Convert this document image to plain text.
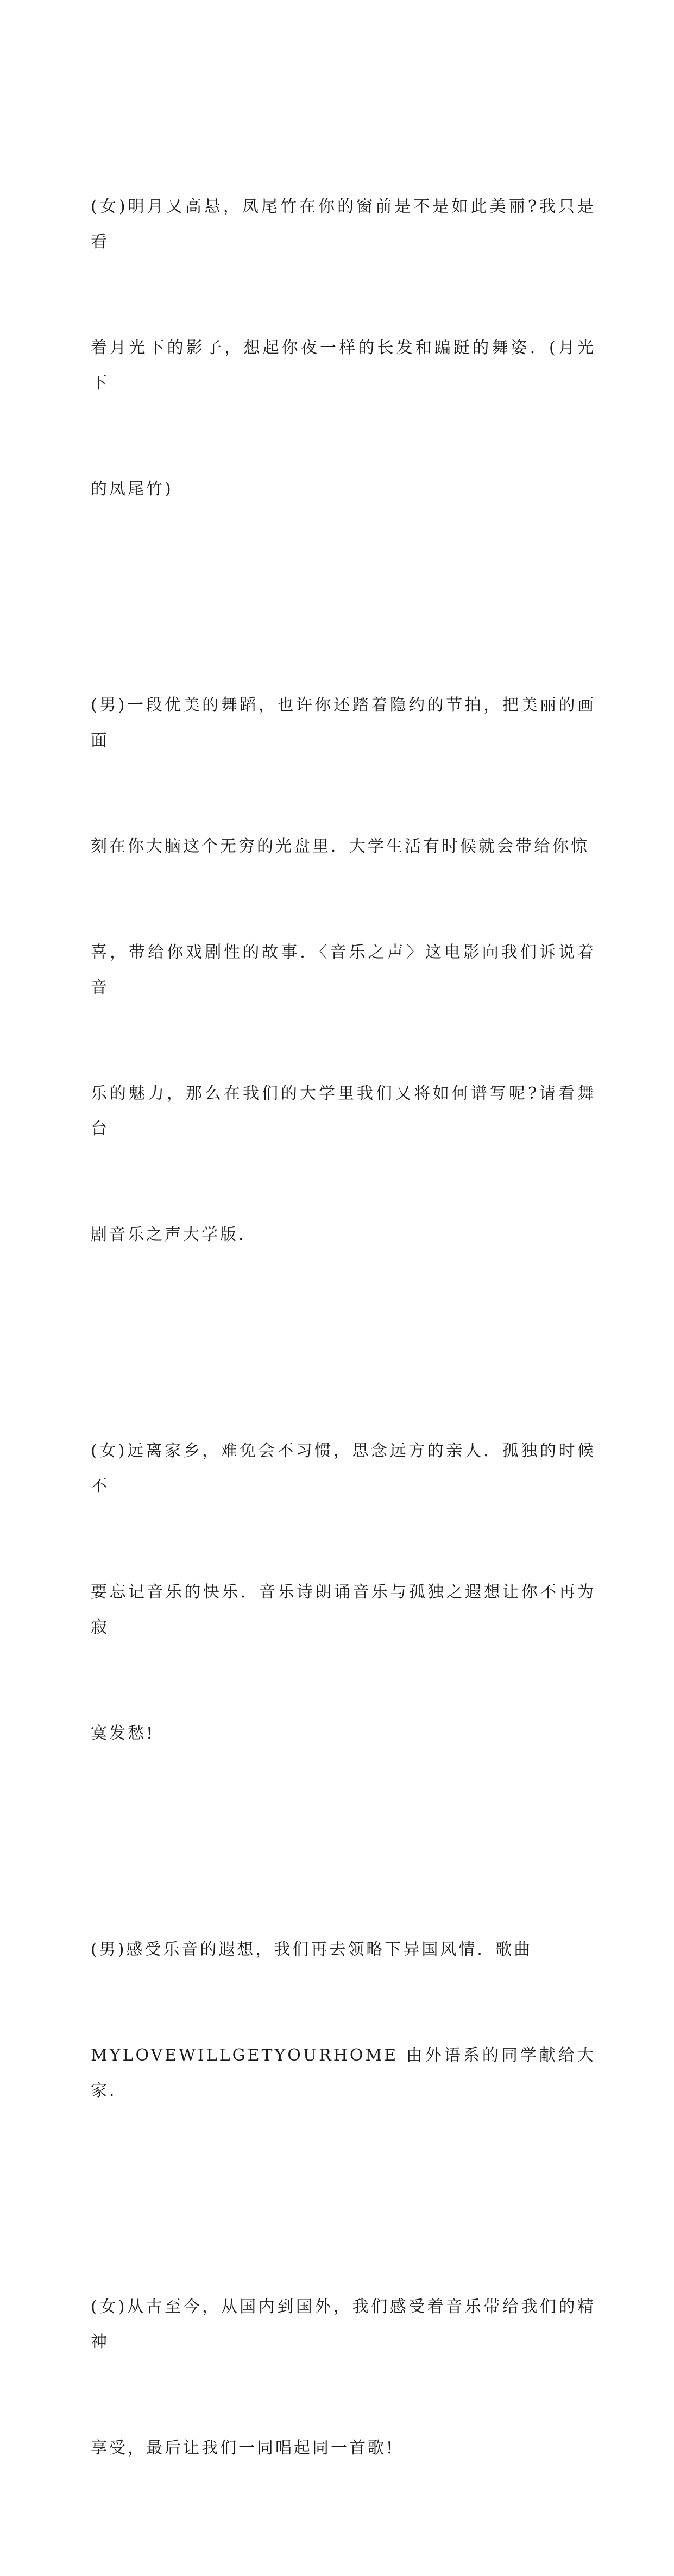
(女)明月又高悬，凤尾竹在你的窗前是不是如此美丽?我只是看

着月光下的影子，想起你夜一样的长发和蹁跹的舞姿．(月光下

的凤尾竹)

(男)一段优美的舞蹈，也许你还踏着隐约的节拍，把美丽的画面

刻在你大脑这个无穷的光盘里．大学生活有时候就会带给你惊

喜，带给你戏剧性的故事．〈音乐之声〉这电影向我们诉说着音

乐的魅力，那么在我们的大学里我们又将如何谱写呢?请看舞台

剧音乐之声大学版．

(女)远离家乡，难免会不习惯，思念远方的亲人．孤独的时候不

要忘记音乐的快乐．音乐诗朗诵音乐与孤独之遐想让你不再为寂

寞发愁!

(男)感受乐音的遐想，我们再去领略下异国风情．歌曲

MYLOVEWILLGETYOURHOME 由外语系的同学献给大家．

(女)从古至今，从国内到国外，我们感受着音乐带给我们的精神

享受，最后让我们一同唱起同一首歌!
